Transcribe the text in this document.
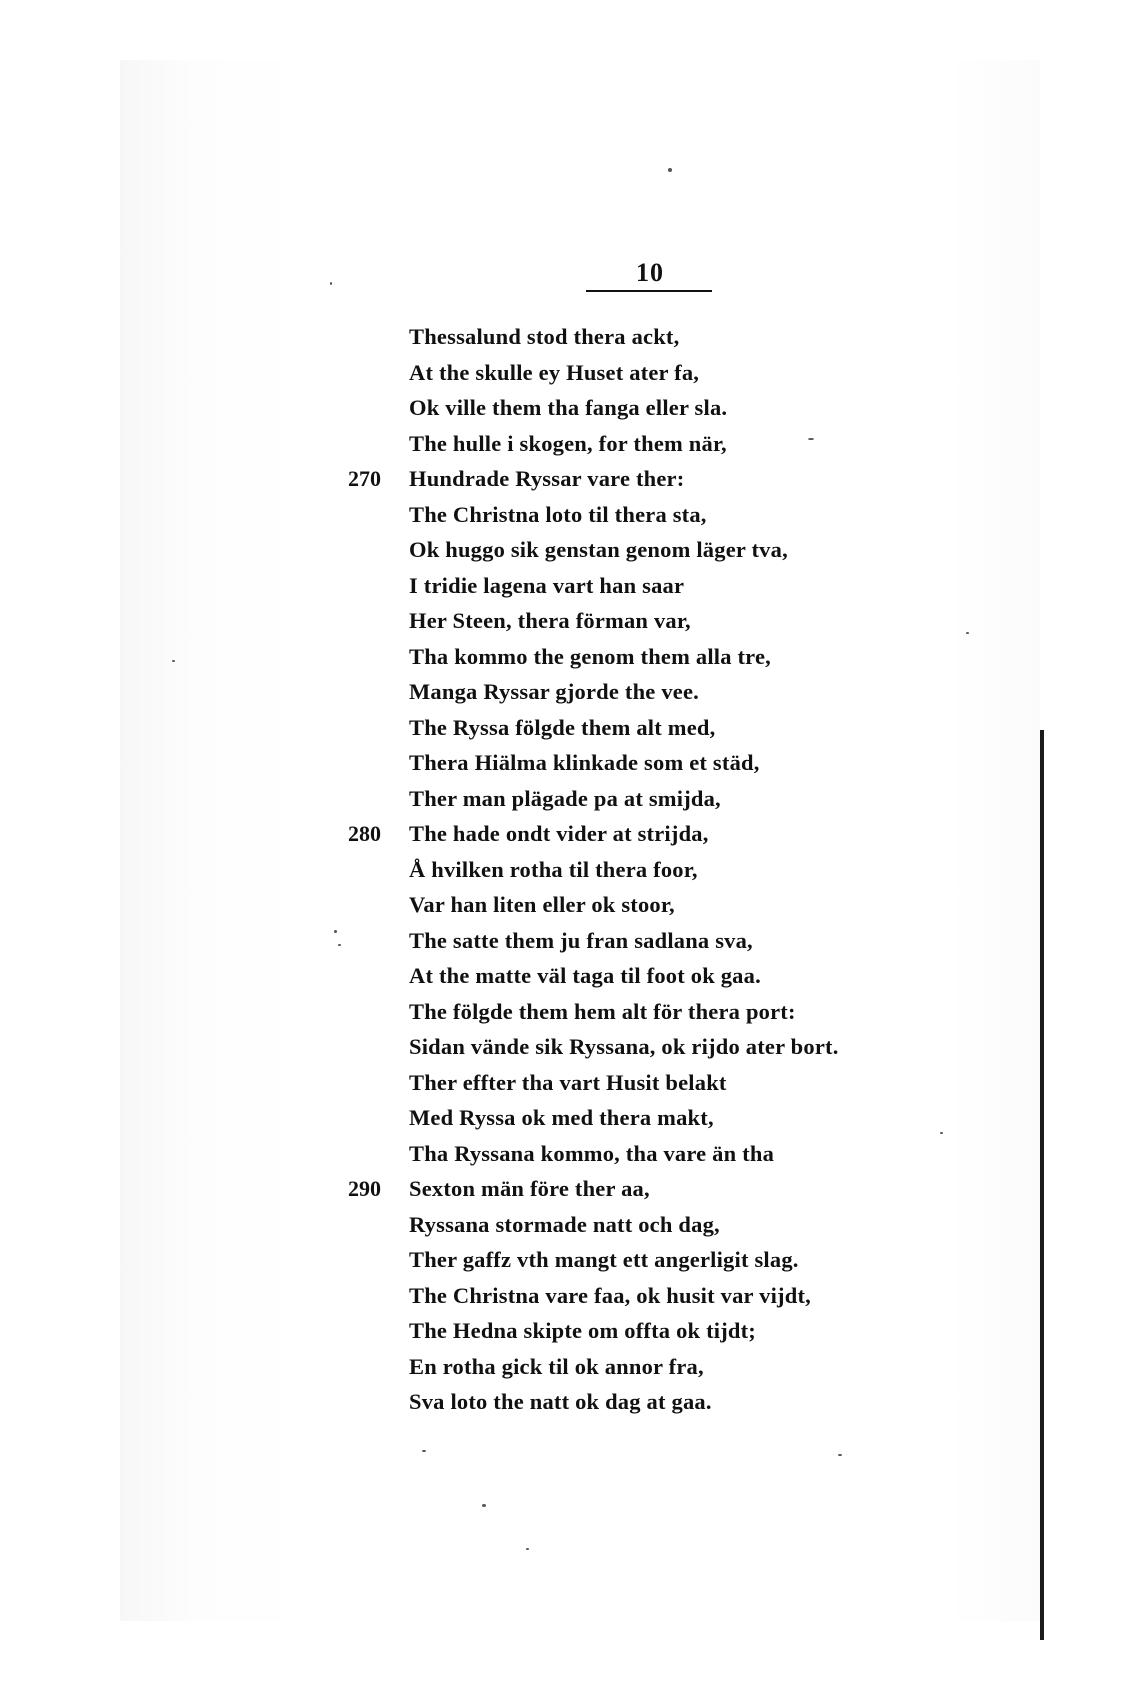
10
Thessalund stod thera ackt,
At the skulle ey Huset ater fa,
Ok ville them tha fanga eller sla.
The hulle i skogen, for them när,
270	Hundrade Ryssar vare ther:
The Christna loto til thera sta,
Ok huggo sik genstan genom läger tva,
I tridie lagena vart han saar
Her Steen, thera förman var,
Tha kommo the genom them alla tre,
Manga Ryssar gjorde the vee.
The Ryssa fölgde them alt med,
Thera Hiälma klinkade som et städ,
Ther man plägade pa at smijda,
280	The hade ondt vider at strijda,
Å hvilken rotha til thera foor,
Var han liten eller ok stoor,
The satte them ju fran sadlana sva,
At the matte väl taga til foot ok gaa.
The fölgde them hem alt för thera port:
Sidan vände sik Ryssana, ok rijdo ater bort.
Ther effter tha vart Husit belakt
Med Ryssa ok med thera makt,
Tha Ryssana kommo, tha vare än tha
290	Sexton män före ther aa,
Ryssana stormade natt och dag,
Ther gaffz vth mangt ett angerligit slag.
The Christna vare faa, ok husit var vijdt,
The Hedna skipte om offta ok tijdt;
En rotha gick til ok annor fra,
Sva loto the natt ok dag at gaa.
